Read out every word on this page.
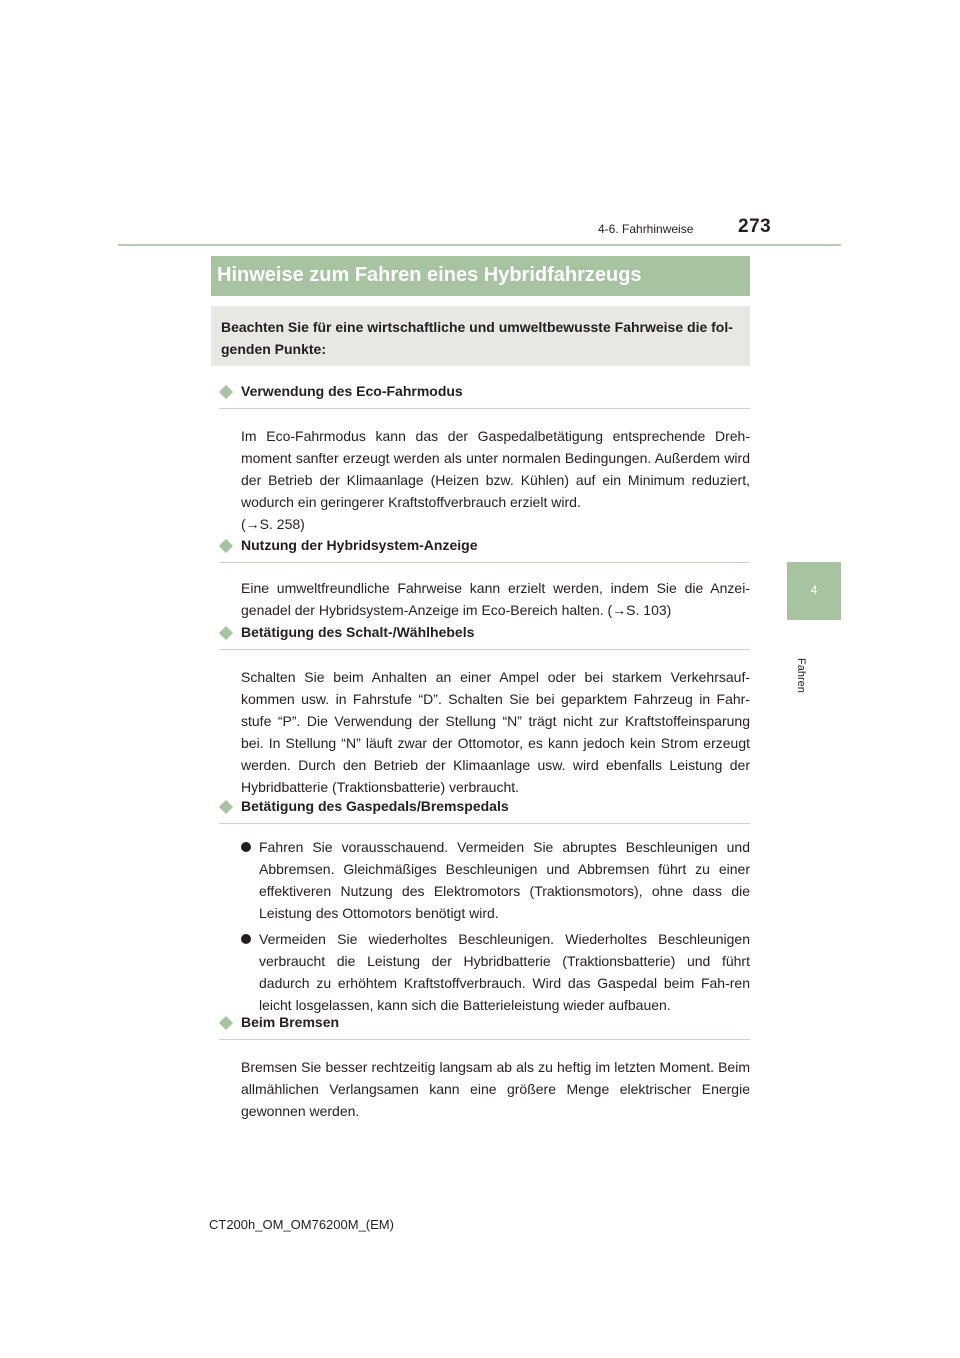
4-6. Fahrhinweise 273
4
Fahren
Hinweise zum Fahren eines Hybridfahrzeugs
Beachten Sie für eine wirtschaftliche und umweltbewusste Fahrweise die fol-genden Punkte:
Verwendung des Eco-Fahrmodus
Im Eco-Fahrmodus kann das der Gaspedalbetätigung entsprechende Dreh-moment sanfter erzeugt werden als unter normalen Bedingungen. Außerdem wird der Betrieb der Klimaanlage (Heizen bzw. Kühlen) auf ein Minimum reduziert, wodurch ein geringerer Kraftstoffverbrauch erzielt wird.
(→S. 258)
Nutzung der Hybridsystem-Anzeige
Eine umweltfreundliche Fahrweise kann erzielt werden, indem Sie die Anzei-genadel der Hybridsystem-Anzeige im Eco-Bereich halten. (→S. 103)
Betätigung des Schalt-/Wählhebels
Schalten Sie beim Anhalten an einer Ampel oder bei starkem Verkehrsauf-kommen usw. in Fahrstufe “D”. Schalten Sie bei geparktem Fahrzeug in Fahr-stufe “P”. Die Verwendung der Stellung “N” trägt nicht zur Kraftstoffeinsparung bei. In Stellung “N” läuft zwar der Ottomotor, es kann jedoch kein Strom erzeugt werden. Durch den Betrieb der Klimaanlage usw. wird ebenfalls Leistung der Hybridbatterie (Traktionsbatterie) verbraucht.
Betätigung des Gaspedals/Bremspedals
Fahren Sie vorausschauend. Vermeiden Sie abruptes Beschleunigen und Abbremsen. Gleichmäßiges Beschleunigen und Abbremsen führt zu einer effektiveren Nutzung des Elektromotors (Traktionsmotors), ohne dass die Leistung des Ottomotors benötigt wird.
Vermeiden Sie wiederholtes Beschleunigen. Wiederholtes Beschleunigen verbraucht die Leistung der Hybridbatterie (Traktionsbatterie) und führt dadurch zu erhöhtem Kraftstoffverbrauch. Wird das Gaspedal beim Fah-ren leicht losgelassen, kann sich die Batterieleistung wieder aufbauen.
Beim Bremsen
Bremsen Sie besser rechtzeitig langsam ab als zu heftig im letzten Moment. Beim allmählichen Verlangsamen kann eine größere Menge elektrischer Energie gewonnen werden.
CT200h_OM_OM76200M_(EM)
